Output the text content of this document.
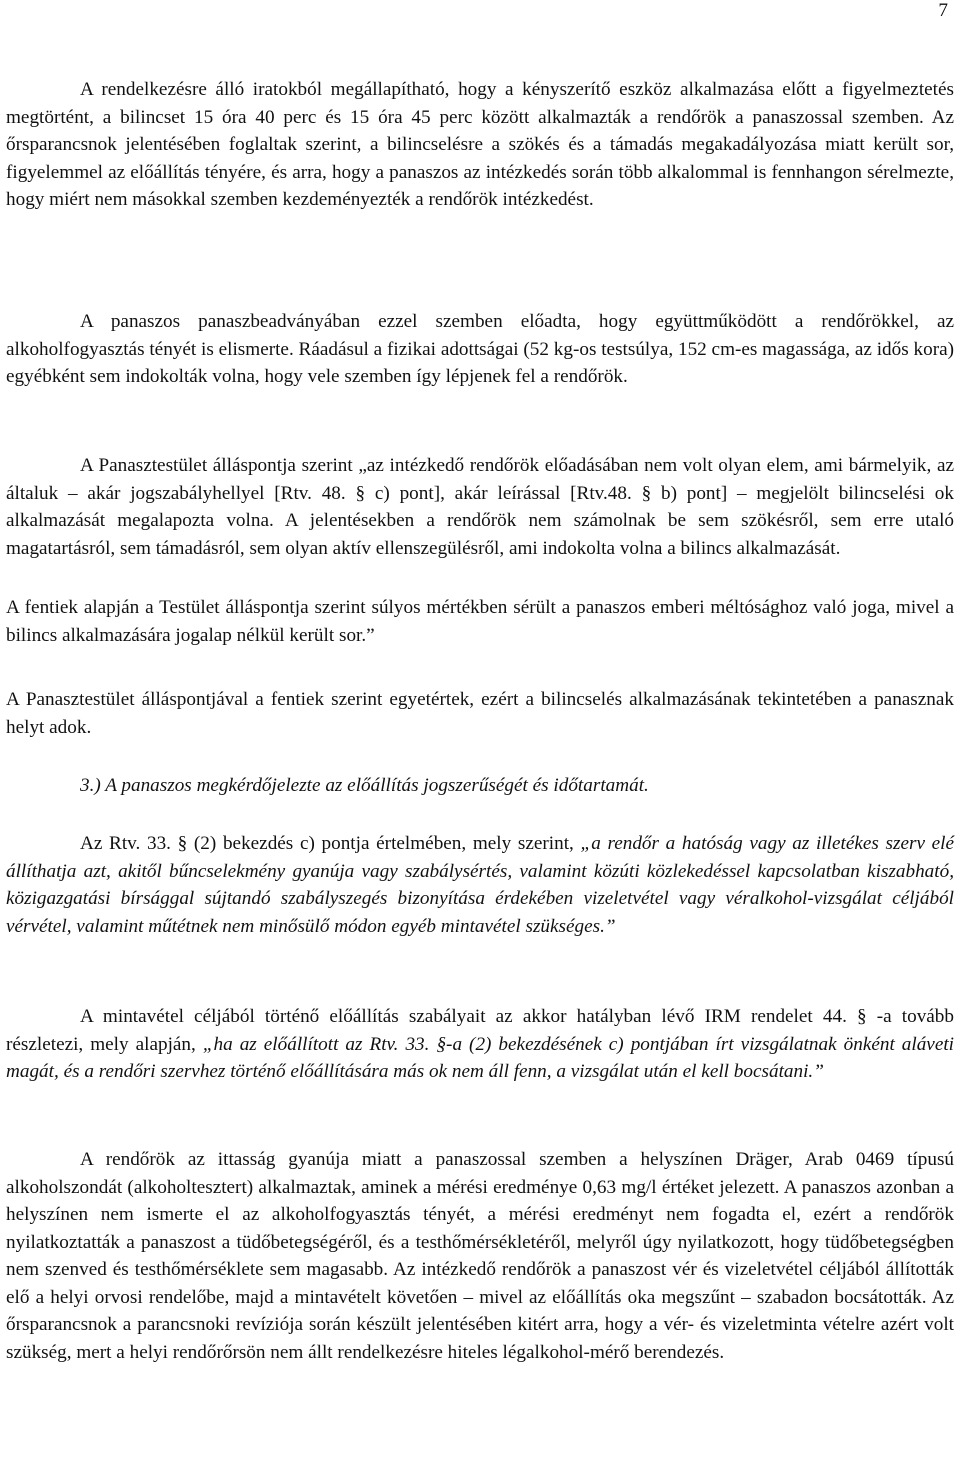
7

A rendelkezésre álló iratokból megállapítható, hogy a kényszerítő eszköz alkalmazása előtt a figyelmeztetés megtörtént, a bilincset 15 óra 40 perc és 15 óra 45 perc között alkalmazták a rendőrök a panaszossal szemben. Az őrsparancsnok jelentésében foglaltak szerint, a bilincselésre a szökés és a támadás megakadályozása miatt került sor, figyelemmel az előállítás tényére, és arra, hogy a panaszos az intézkedés során több alkalommal is fennhangon sérelmezte, hogy miért nem másokkal szemben kezdeményezték a rendőrök intézkedést.

A panaszos panaszbeadványában ezzel szemben előadta, hogy együttműködött a rendőrökkel, az alkoholfogyasztás tényét is elismerte. Ráadásul a fizikai adottságai (52 kg-os testsúlya, 152 cm-es magassága, az idős kora) egyébként sem indokolták volna, hogy vele szemben így lépjenek fel a rendőrök.

A Panasztestület álláspontja szerint „az intézkedő rendőrök előadásában nem volt olyan elem, ami bármelyik, az általuk – akár jogszabályhellyel [Rtv. 48. § c) pont], akár leírással [Rtv.48. § b) pont] – megjelölt bilincselési ok alkalmazását megalapozta volna. A jelentésekben a rendőrök nem számolnak be sem szökésről, sem erre utaló magatartásról, sem támadásról, sem olyan aktív ellenszegülésről, ami indokolta volna a bilincs alkalmazását.

A fentiek alapján a Testület álláspontja szerint súlyos mértékben sérült a panaszos emberi méltósághoz való joga, mivel a bilincs alkalmazására jogalap nélkül került sor.”

A Panasztestület álláspontjával a fentiek szerint egyetértek, ezért a bilincselés alkalmazásának tekintetében a panasznak helyt adok.

3.) A panaszos megkérdőjelezte az előállítás jogszerűségét és időtartamát.

Az Rtv. 33. § (2) bekezdés c) pontja értelmében, mely szerint, „a rendőr a hatóság vagy az illetékes szerv elé állíthatja azt, akitől bűncselekmény gyanúja vagy szabálysértés, valamint közúti közlekedéssel kapcsolatban kiszabható, közigazgatási bírsággal sújtandó szabályszegés bizonyítása érdekében vizeletvétel vagy véralkohol-vizsgálat céljából vérvétel, valamint műtétnek nem minősülő módon egyéb mintavétel szükséges.”

A mintavétel céljából történő előállítás szabályait az akkor hatályban lévő IRM rendelet 44. § -a tovább részletezi, mely alapján, „ha az előállított az Rtv. 33. §-a (2) bekezdésének c) pontjában írt vizsgálatnak önként aláveti magát, és a rendőri szervhez történő előállítására más ok nem áll fenn, a vizsgálat után el kell bocsátani.”

A rendőrök az ittasság gyanúja miatt a panaszossal szemben a helyszínen Dräger, Arab 0469 típusú alkoholszondát (alkoholtesztert) alkalmaztak, aminek a mérési eredménye 0,63 mg/l értéket jelezett. A panaszos azonban a helyszínen nem ismerte el az alkoholfogyasztás tényét, a mérési eredményt nem fogadta el, ezért a rendőrök nyilatkoztatták a panaszost a tüdőbetegségéről, és a testhőmérsékletéről, melyről úgy nyilatkozott, hogy tüdőbetegségben nem szenved és testhőmérséklete sem magasabb. Az intézkedő rendőrök a panaszost vér és vizeletvétel céljából állították elő a helyi orvosi rendelőbe, majd a mintavételt követően – mivel az előállítás oka megszűnt – szabadon bocsátották. Az őrsparancsnok a parancsnoki revíziója során készült jelentésében kitért arra, hogy a vér- és vizeletminta vételre azért volt szükség, mert a helyi rendőrőrsön nem állt rendelkezésre hiteles légalkohol-mérő berendezés.
